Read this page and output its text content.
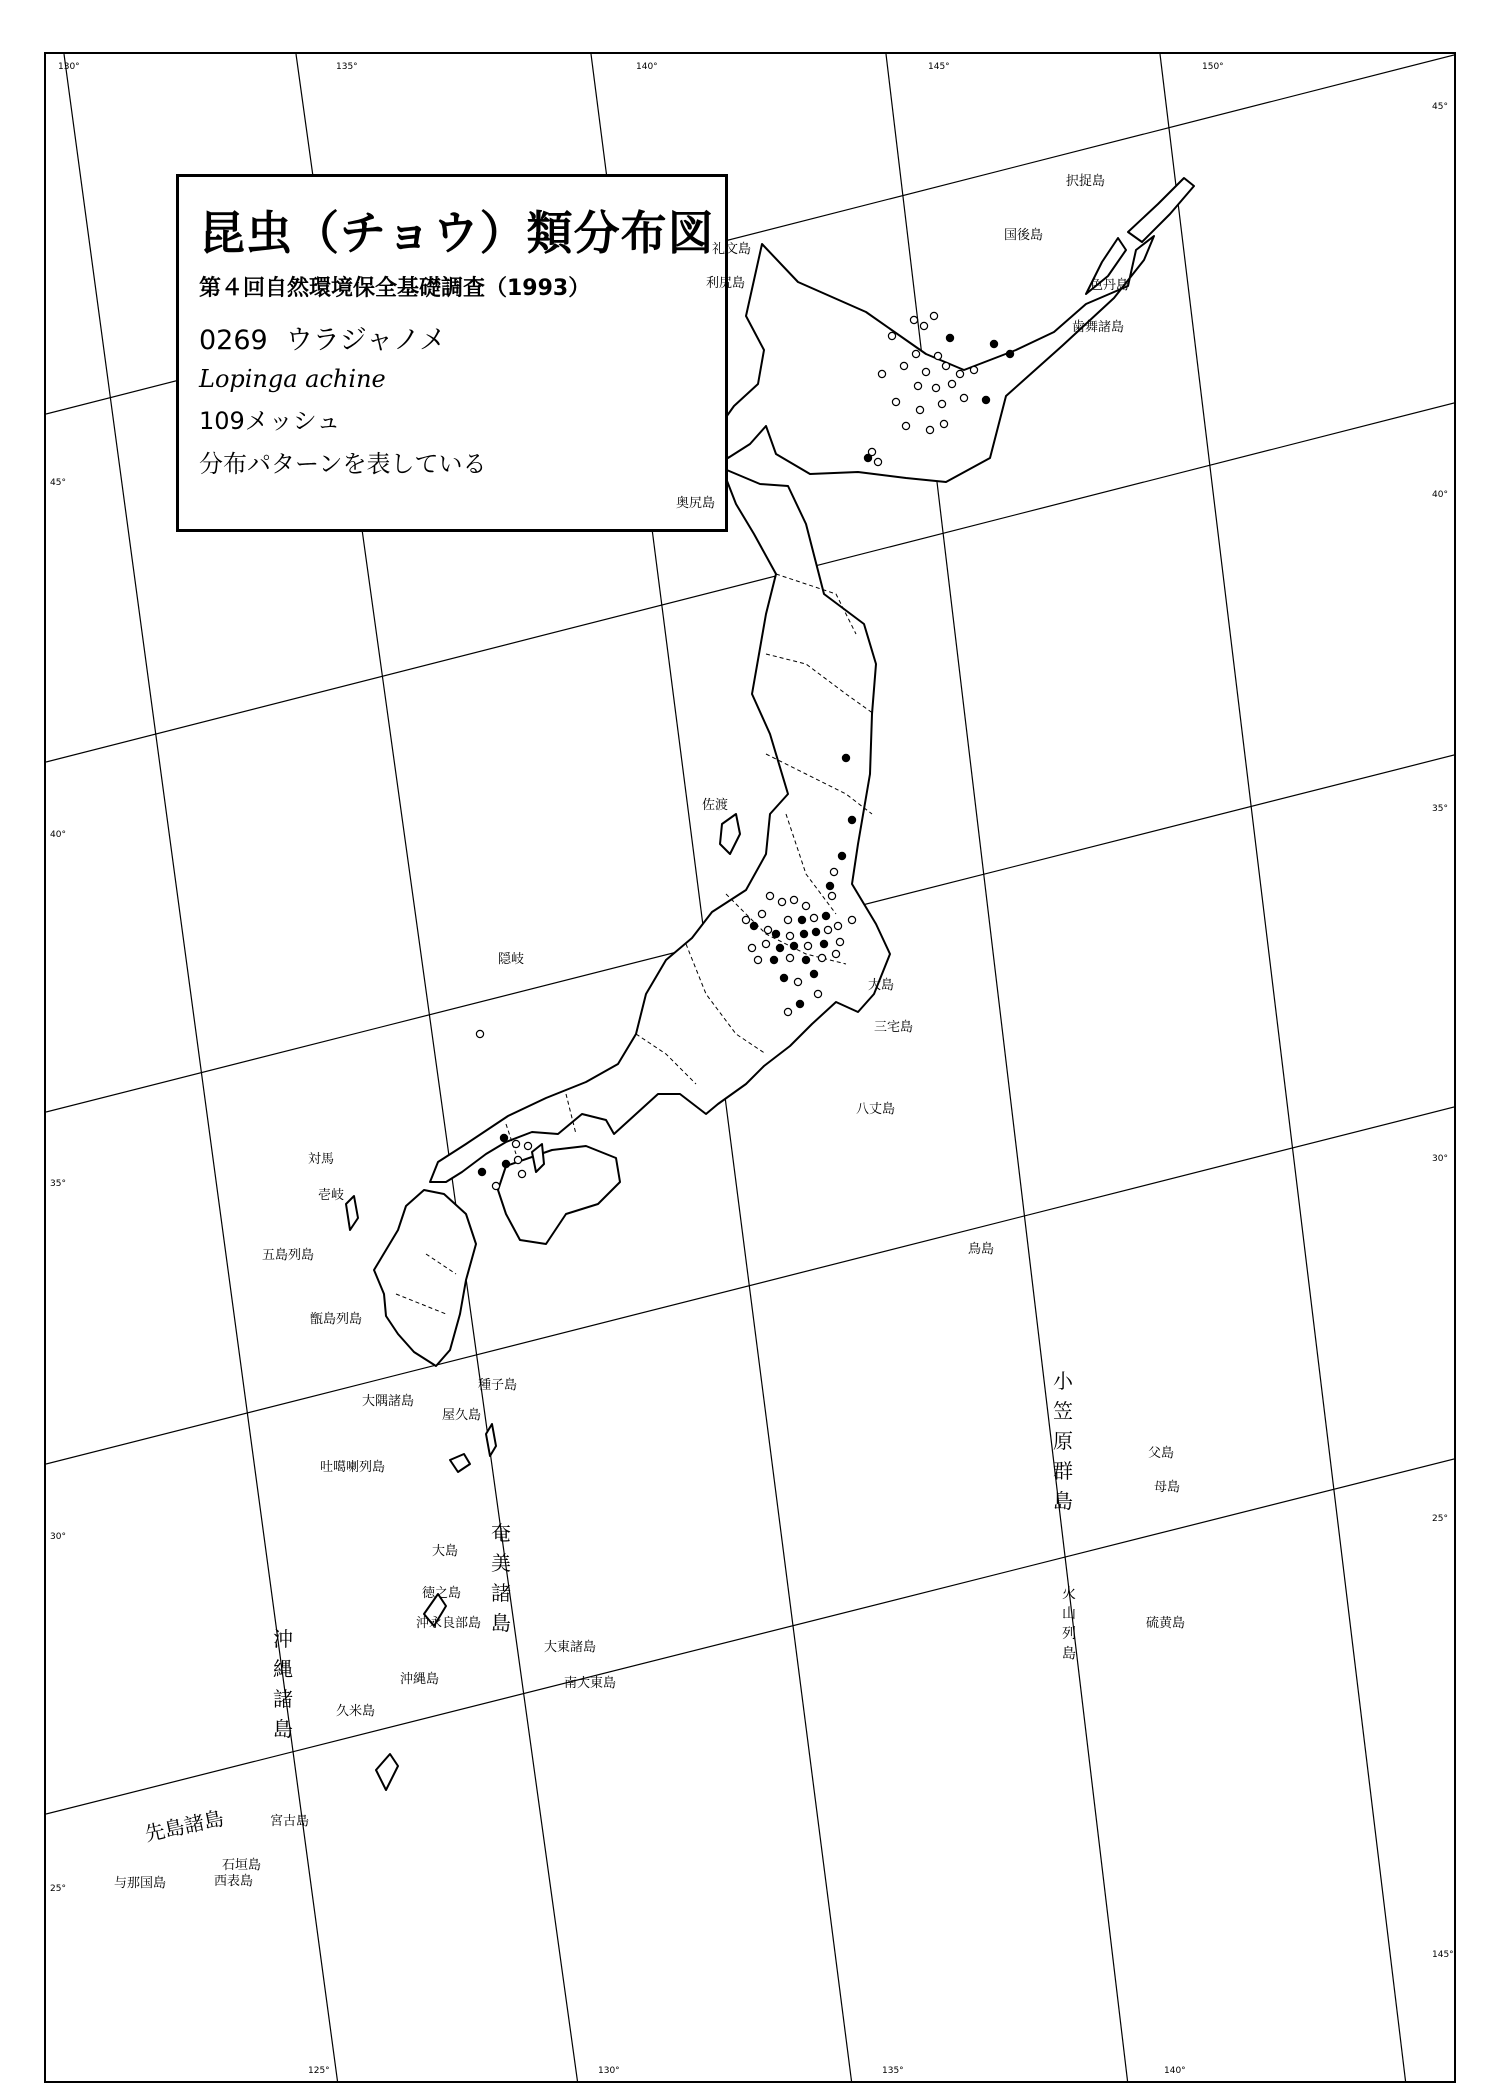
昆虫（チョウ）類分布図
第４回自然環境保全基礎調査（1993）
0269 ウラジャノメ
Lopinga achine
109メッシュ
分布パターンを表している
130°	135°	140°	145°	150°
45°
40°
35°
30°
25°
45°
40°
35°
30°
25°
145°
125°	130°	135°	140°
択捉島
国後島
色丹島
歯舞諸島
礼文島
利尻島
奥尻島
佐渡
隠岐
大島
三宅島
八丈島
鳥島
対馬
壱岐
五島列島
甑島列島
種子島
大隅諸島
屋久島
吐噶喇列島
大島
徳之島
沖永良部島
大東諸島
南大東島
沖縄島
久米島
宮古島
石垣島
与那国島	西表島
父島
母島
硫黄島
奄
美
諸
島
沖
縄
諸
島
小
笠
原
群
島
火
山
列
島
先島諸島
